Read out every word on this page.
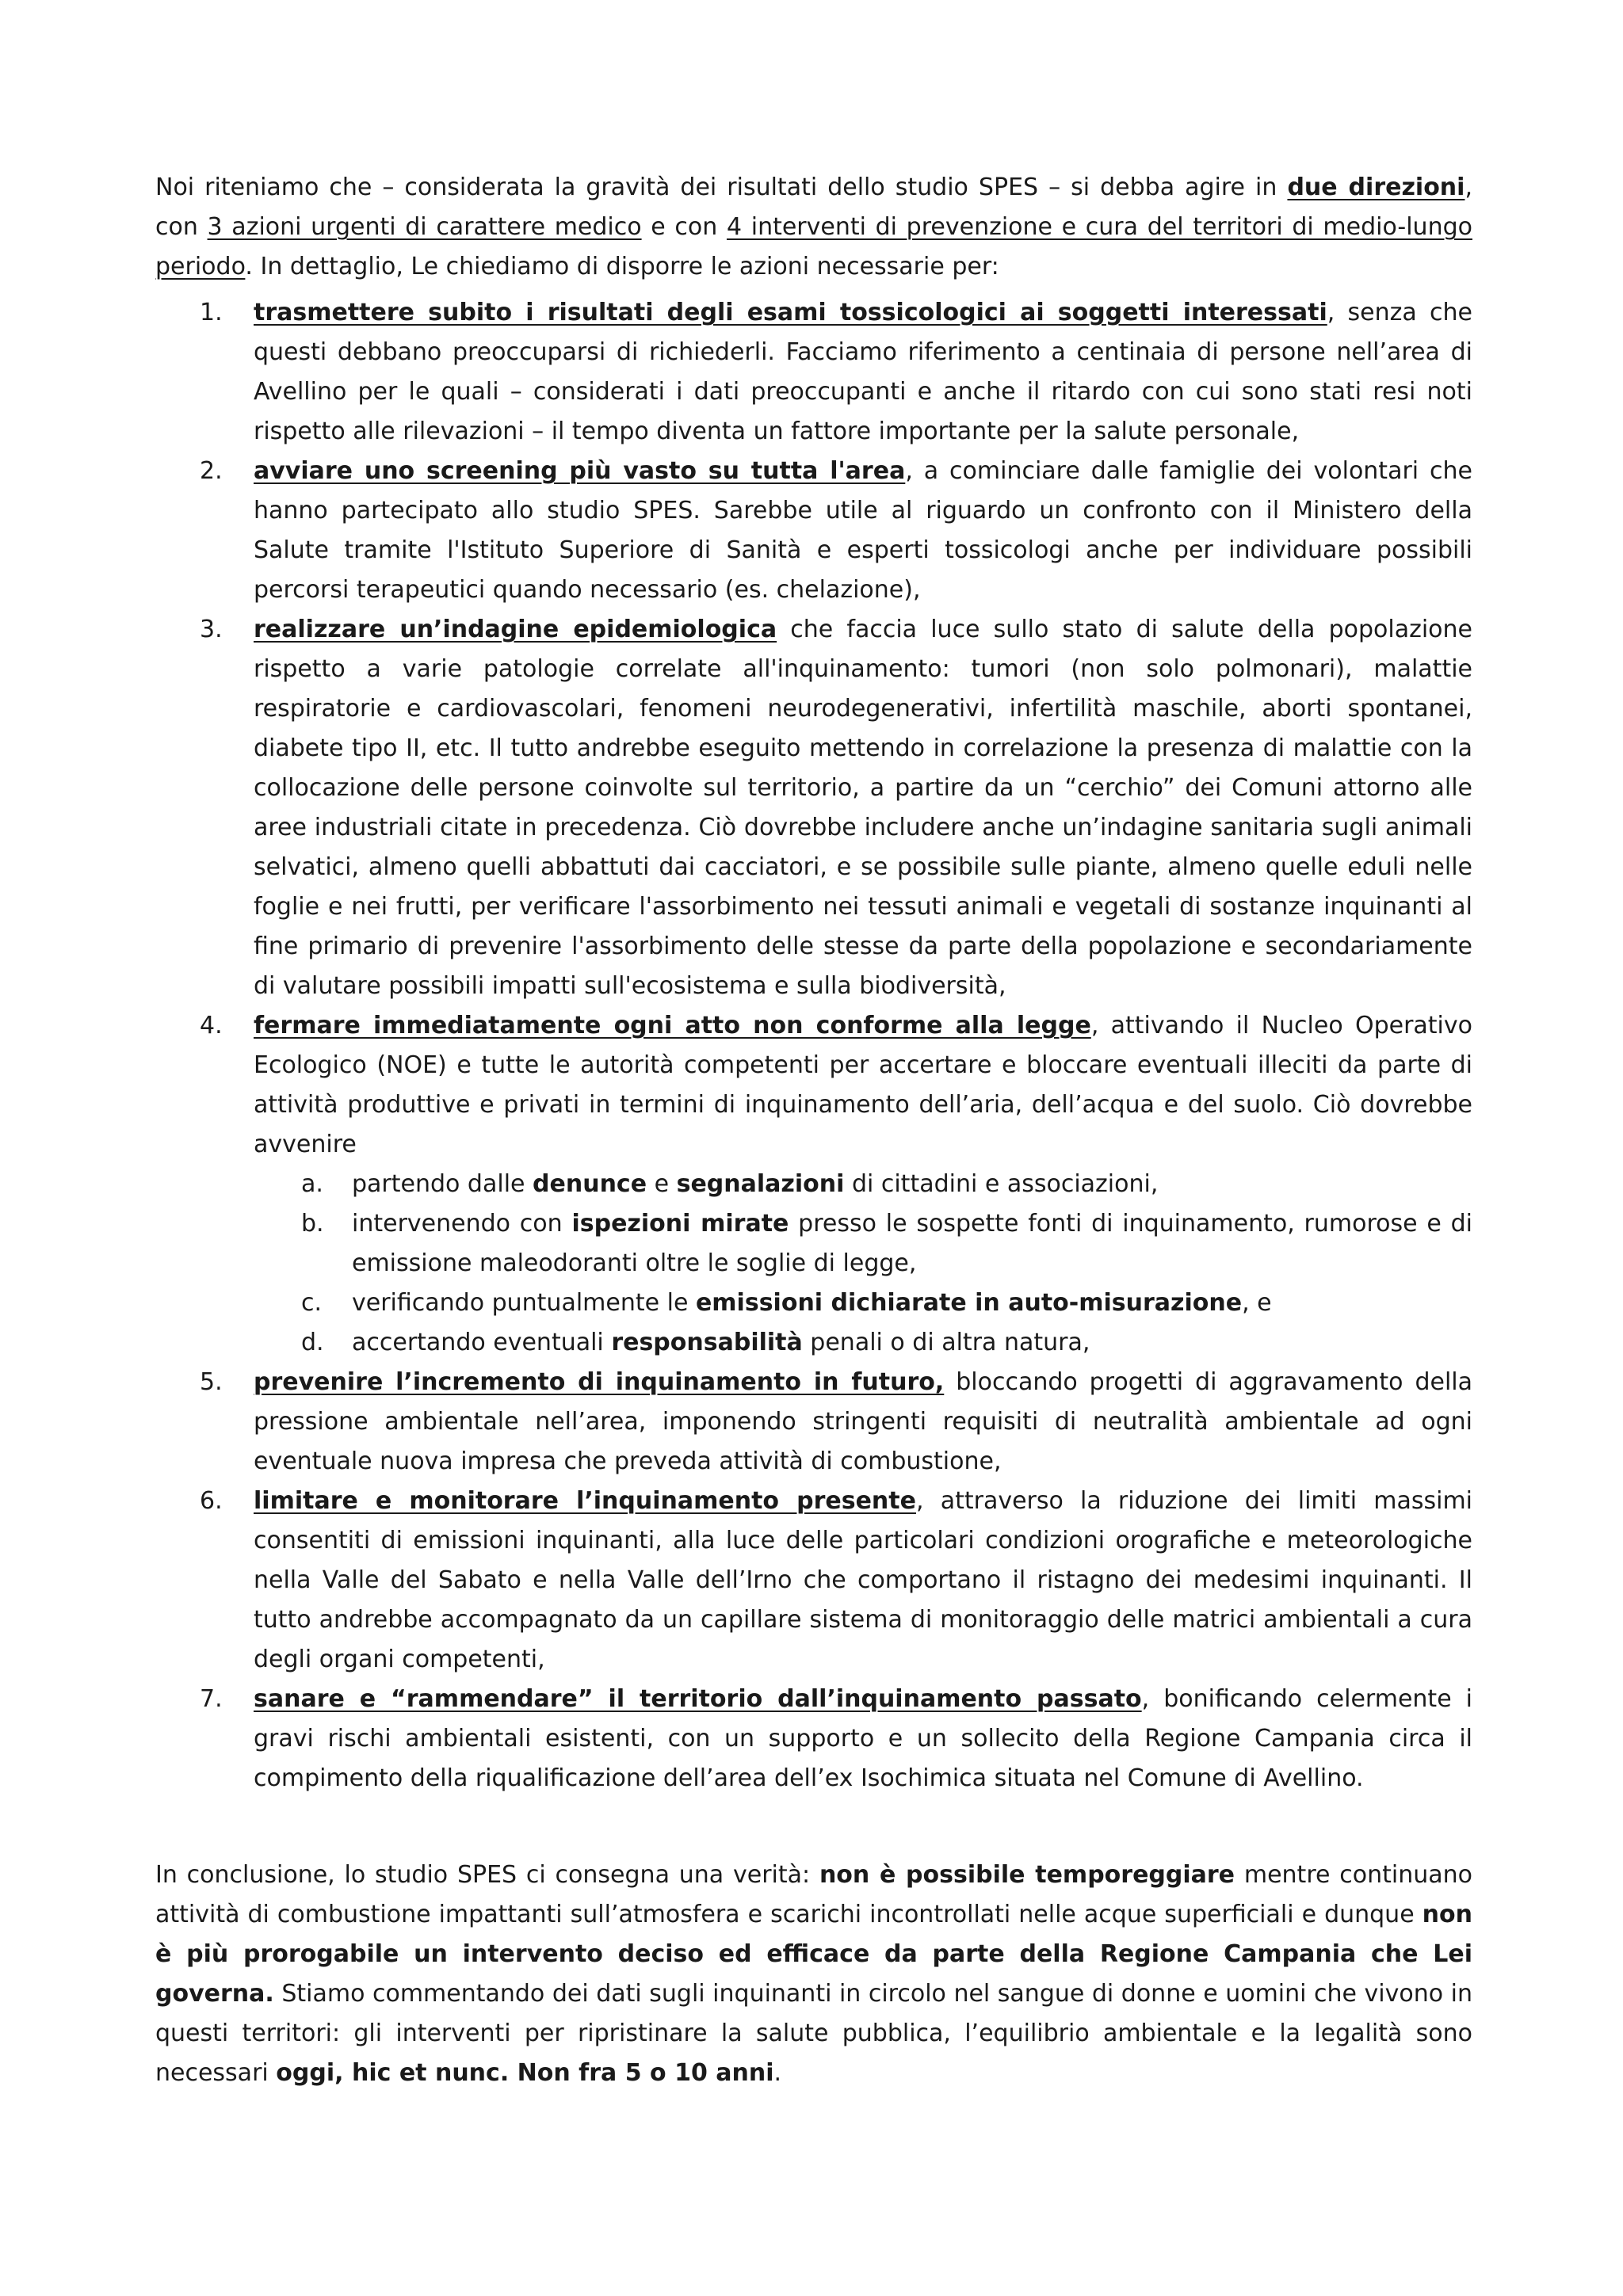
Noi riteniamo che – considerata la gravità dei risultati dello studio SPES – si debba agire in due direzioni, con 3 azioni urgenti di carattere medico e con 4 interventi di prevenzione e cura del territori di medio-lungo periodo. In dettaglio, Le chiediamo di disporre le azioni necessarie per:

1. trasmettere subito i risultati degli esami tossicologici ai soggetti interessati, senza che questi debbano preoccuparsi di richiederli. Facciamo riferimento a centinaia di persone nell’area di Avellino per le quali – considerati i dati preoccupanti e anche il ritardo con cui sono stati resi noti rispetto alle rilevazioni – il tempo diventa un fattore importante per la salute personale,
2. avviare uno screening più vasto su tutta l'area, a cominciare dalle famiglie dei volontari che hanno partecipato allo studio SPES. Sarebbe utile al riguardo un confronto con il Ministero della Salute tramite l'Istituto Superiore di Sanità e esperti tossicologi anche per individuare possibili percorsi terapeutici quando necessario (es. chelazione),
3. realizzare un’indagine epidemiologica che faccia luce sullo stato di salute della popolazione rispetto a varie patologie correlate all'inquinamento: tumori (non solo polmonari), malattie respiratorie e cardiovascolari, fenomeni neurodegenerativi, infertilità maschile, aborti spontanei, diabete tipo II, etc. Il tutto andrebbe eseguito mettendo in correlazione la presenza di malattie con la collocazione delle persone coinvolte sul territorio, a partire da un “cerchio” dei Comuni attorno alle aree industriali citate in precedenza. Ciò dovrebbe includere anche un’indagine sanitaria sugli animali selvatici, almeno quelli abbattuti dai cacciatori, e se possibile sulle piante, almeno quelle eduli nelle foglie e nei frutti, per verificare l'assorbimento nei tessuti animali e vegetali di sostanze inquinanti al fine primario di prevenire l'assorbimento delle stesse da parte della popolazione e secondariamente di valutare possibili impatti sull'ecosistema e sulla biodiversità,
4. fermare immediatamente ogni atto non conforme alla legge, attivando il Nucleo Operativo Ecologico (NOE) e tutte le autorità competenti per accertare e bloccare eventuali illeciti da parte di attività produttive e privati in termini di inquinamento dell’aria, dell’acqua e del suolo. Ciò dovrebbe avvenire
a. partendo dalle denunce e segnalazioni di cittadini e associazioni,
b. intervenendo con ispezioni mirate presso le sospette fonti di inquinamento, rumorose e di emissione maleodoranti oltre le soglie di legge,
c. verificando puntualmente le emissioni dichiarate in auto-misurazione, e
d. accertando eventuali responsabilità penali o di altra natura,
5. prevenire l’incremento di inquinamento in futuro, bloccando progetti di aggravamento della pressione ambientale nell’area, imponendo stringenti requisiti di neutralità ambientale ad ogni eventuale nuova impresa che preveda attività di combustione,
6. limitare e monitorare l’inquinamento presente, attraverso la riduzione dei limiti massimi consentiti di emissioni inquinanti, alla luce delle particolari condizioni orografiche e meteorologiche nella Valle del Sabato e nella Valle dell’Irno che comportano il ristagno dei medesimi inquinanti. Il tutto andrebbe accompagnato da un capillare sistema di monitoraggio delle matrici ambientali a cura degli organi competenti,
7. sanare e “rammendare” il territorio dall’inquinamento passato, bonificando celermente i gravi rischi ambientali esistenti, con un supporto e un sollecito della Regione Campania circa il compimento della riqualificazione dell’area dell’ex Isochimica situata nel Comune di Avellino.

In conclusione, lo studio SPES ci consegna una verità: non è possibile temporeggiare mentre continuano attività di combustione impattanti sull’atmosfera e scarichi incontrollati nelle acque superficiali e dunque non è più prorogabile un intervento deciso ed efficace da parte della Regione Campania che Lei governa. Stiamo commentando dei dati sugli inquinanti in circolo nel sangue di donne e uomini che vivono in questi territori: gli interventi per ripristinare la salute pubblica, l’equilibrio ambientale e la legalità sono necessari oggi, hic et nunc. Non fra 5 o 10 anni.
